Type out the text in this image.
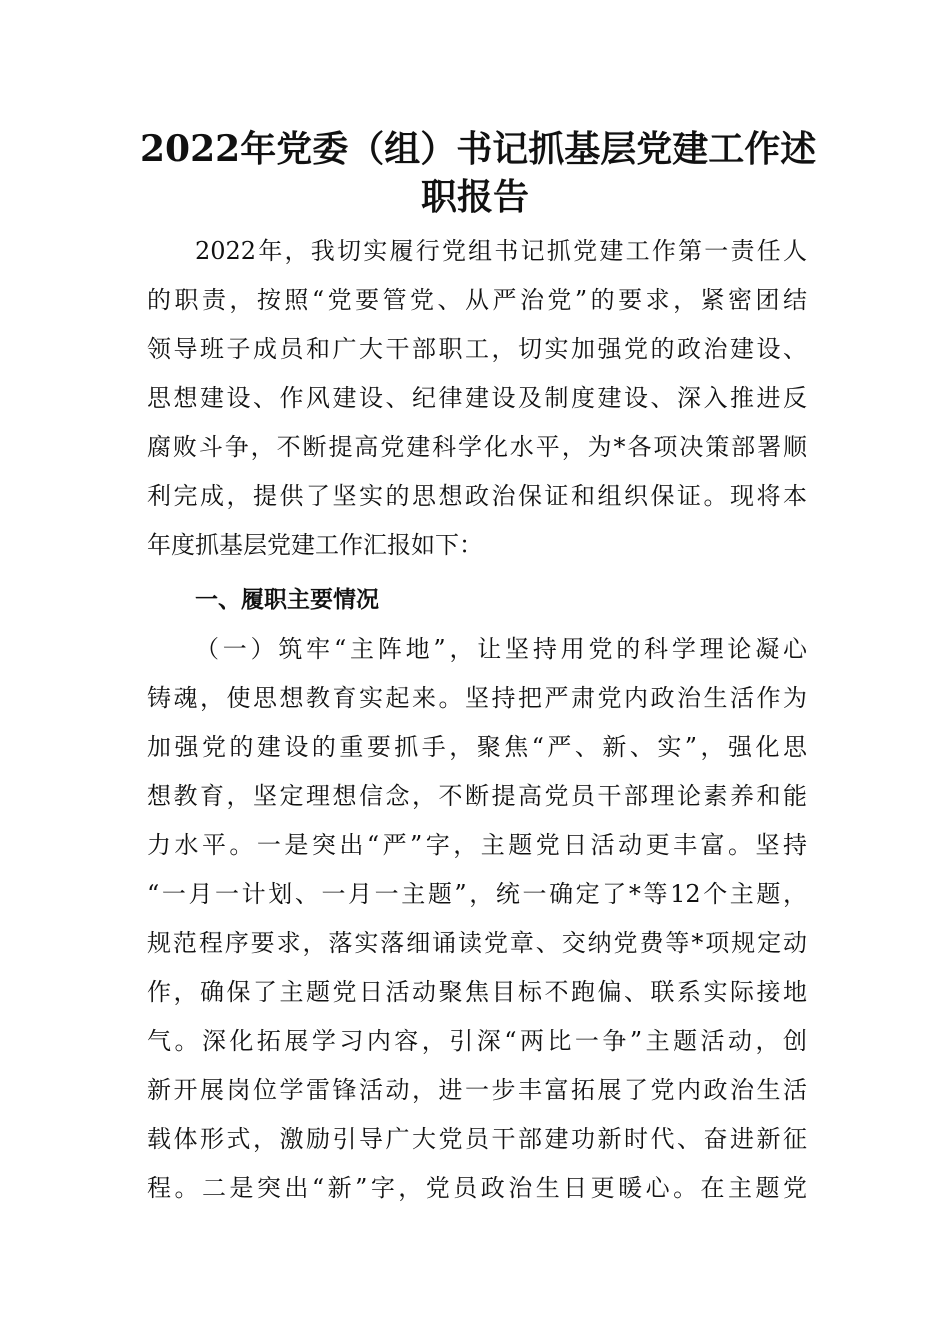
2022年党委（组）书记抓基层党建工作述
职报告
2022年，我切实履行党组书记抓党建工作第一责任人
的职责，按照“党要管党、从严治党”的要求，紧密团结
领导班子成员和广大干部职工，切实加强党的政治建设、
思想建设、作风建设、纪律建设及制度建设、深入推进反
腐败斗争，不断提高党建科学化水平，为*各项决策部署顺
利完成，提供了坚实的思想政治保证和组织保证。现将本
年度抓基层党建工作汇报如下：
一、履职主要情况
（一）筑牢“主阵地”，让坚持用党的科学理论凝心
铸魂，使思想教育实起来。坚持把严肃党内政治生活作为
加强党的建设的重要抓手，聚焦“严、新、实”，强化思
想教育，坚定理想信念，不断提高党员干部理论素养和能
力水平。一是突出“严”字，主题党日活动更丰富。坚持
“一月一计划、一月一主题”，统一确定了*等12个主题，
规范程序要求，落实落细诵读党章、交纳党费等*项规定动
作，确保了主题党日活动聚焦目标不跑偏、联系实际接地
气。深化拓展学习内容，引深“两比一争”主题活动，创
新开展岗位学雷锋活动，进一步丰富拓展了党内政治生活
载体形式，激励引导广大党员干部建功新时代、奋进新征
程。二是突出“新”字，党员政治生日更暖心。在主题党
